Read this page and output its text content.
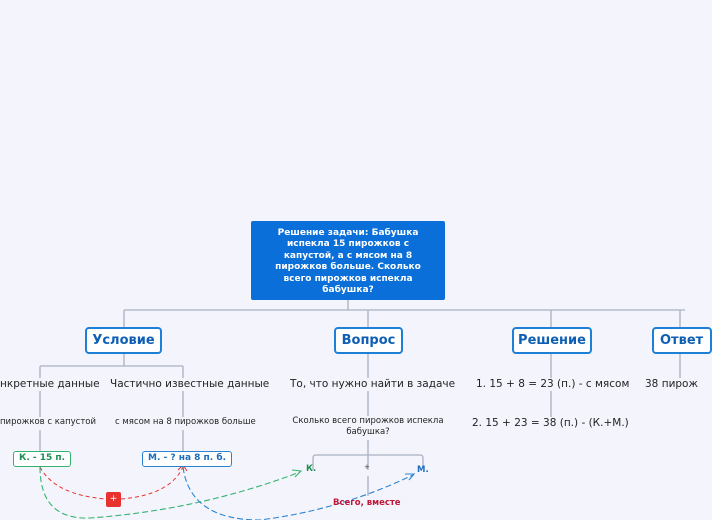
Решение задачи: Бабушка испекла 15 пирожков с капустой, а с мясом на 8 пирожков больше. Сколько всего пирожков испекла бабушка?
Условие	Вопрос	Решение	Ответ
нкретные данные Частично известные данные
пирожков с капустой с мясом на 8 пирожков больше
К. - 15 п.	М. - ? на 8 п. б.
+
То, что нужно найти в задаче
Сколько всего пирожков испекла бабушка?
К.	+	М.
Всего, вместе
1. 15 + 8 = 23 (п.) - с мясом
2. 15 + 23 = 38 (п.) - (К.+М.)
38 пирож
